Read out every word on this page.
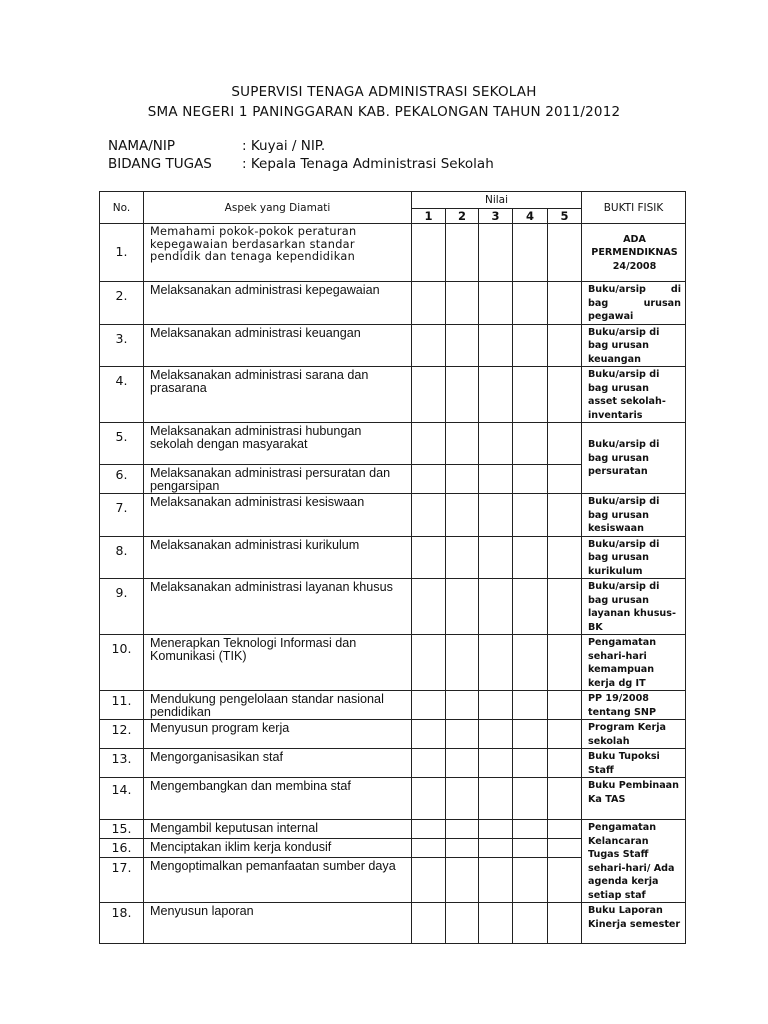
SUPERVISI TENAGA ADMINISTRASI SEKOLAH
SMA NEGERI 1 PANINGGARAN KAB. PEKALONGAN TAHUN 2011/2012
NAMA/NIP	: Kuyai / NIP.
BIDANG TUGAS : Kepala Tenaga Administrasi Sekolah
No.	Aspek yang Diamati	Nilai					BUKTI FISIK
		1	2	3	4	5	
1.	Memahami pokok-pokok peraturan kepegawaian berdasarkan standar pendidik dan tenaga kependidikan						ADA PERMENDIKNAS 24/2008
2.	Melaksanakan administrasi kepegawaian						Buku/arsip di bag urusan pegawai
3.	Melaksanakan administrasi keuangan						Buku/arsip di bag urusan keuangan
4.	Melaksanakan administrasi sarana dan prasarana						Buku/arsip di bag urusan asset sekolah-inventaris
5.	Melaksanakan administrasi hubungan sekolah dengan masyarakat						Buku/arsip di bag urusan persuratan
6.	Melaksanakan administrasi persuratan dan pengarsipan						
7.	Melaksanakan administrasi kesiswaan						Buku/arsip di bag urusan kesiswaan
8.	Melaksanakan administrasi kurikulum						Buku/arsip di bag urusan kurikulum
9.	Melaksanakan administrasi layanan khusus						Buku/arsip di bag urusan layanan khusus-BK
10.	Menerapkan Teknologi Informasi dan Komunikasi (TIK)						Pengamatan sehari-hari kemampuan kerja dg IT
11.	Mendukung pengelolaan standar nasional pendidikan						PP 19/2008 tentang SNP
12.	Menyusun program kerja						Program Kerja sekolah
13.	Mengorganisasikan staf						Buku Tupoksi Staff
14.	Mengembangkan dan membina staf						Buku Pembinaan Ka TAS
15.	Mengambil keputusan internal						Pengamatan Kelancaran Tugas Staff sehari-hari/ Ada agenda kerja setiap staf
16.	Menciptakan iklim kerja kondusif						
17.	Mengoptimalkan pemanfaatan sumber daya						
18.	Menyusun laporan						Buku Laporan Kinerja semester
